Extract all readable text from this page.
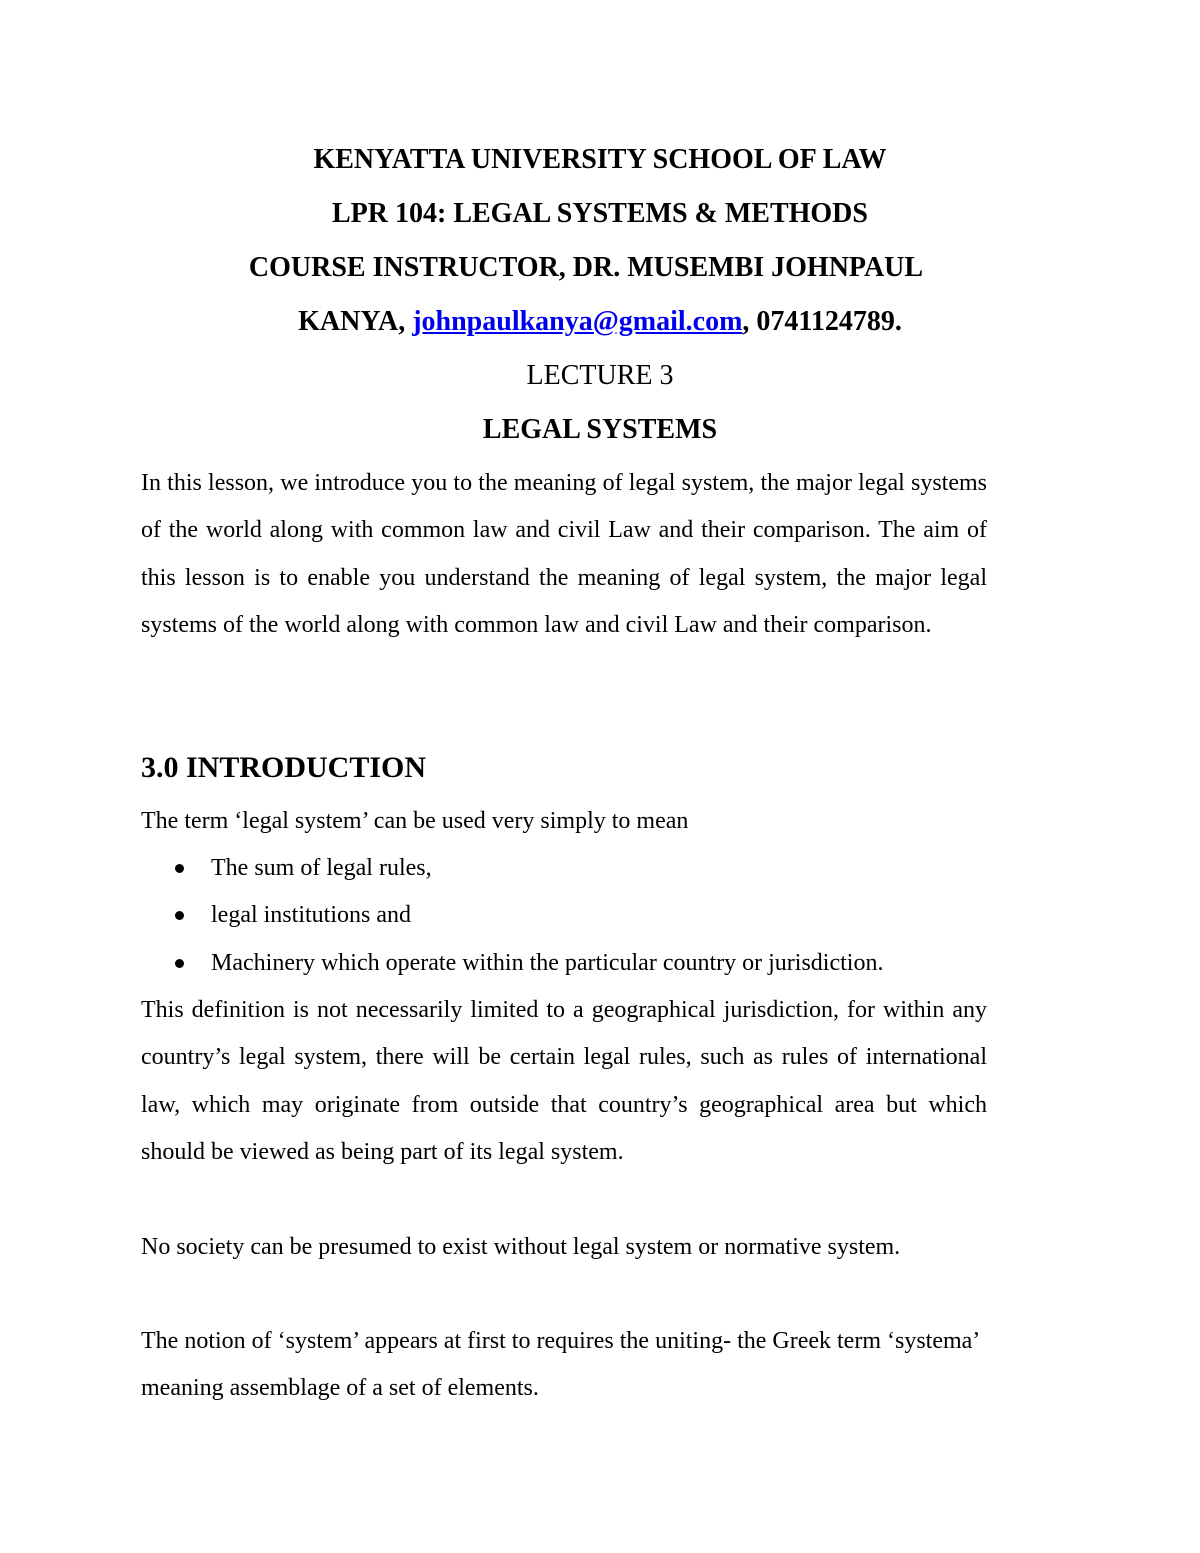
KENYATTA UNIVERSITY SCHOOL OF LAW
LPR 104: LEGAL SYSTEMS & METHODS
COURSE INSTRUCTOR, DR. MUSEMBI JOHNPAUL
KANYA, johnpaulkanya@gmail.com, 0741124789.
LECTURE 3
LEGAL SYSTEMS

In this lesson, we introduce you to the meaning of legal system, the major legal systems of the world along with common law and civil Law and their comparison. The aim of this lesson is to enable you understand the meaning of legal system, the major legal systems of the world along with common law and civil Law and their comparison.

3.0 INTRODUCTION

The term ‘legal system’ can be used very simply to mean

The sum of legal rules,
legal institutions and
Machinery which operate within the particular country or jurisdiction.

This definition is not necessarily limited to a geographical jurisdiction, for within any country’s legal system, there will be certain legal rules, such as rules of international law, which may originate from outside that country’s geographical area but which should be viewed as being part of its legal system.

No society can be presumed to exist without legal system or normative system.

The notion of ‘system’ appears at first to requires the uniting- the Greek term ‘systema’ meaning assemblage of a set of elements.
